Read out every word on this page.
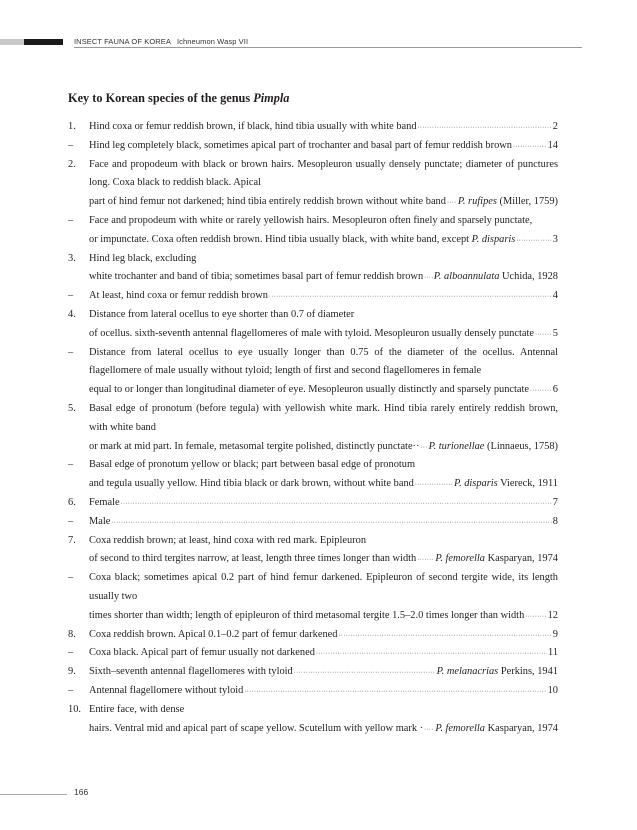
INSECT FAUNA OF KOREA Ichneumon Wasp VII
Key to Korean species of the genus Pimpla
1.	Hind coxa or femur reddish brown, if black, hind tibia usually with white band ·····	2
–	Hind leg completely black, sometimes apical part of trochanter and basal part of femur reddish brown ·····	14
2.	Face and propodeum with black or brown hairs. Mesopleuron usually densely punctate; diameter of punctures long. Coxa black to reddish black. Apical

part of hind femur not darkened; hind tibia entirely reddish brown without white band ····· P. rufipes (Miller, 1759)
–	Face and propodeum with white or rarely yellowish hairs. Mesopleuron often finely and sparsely punctate,

or impunctate. Coxa often reddish brown. Hind tibia usually black, with white band, except P. disparis ·····	3
3.	Hind leg black, excluding

white trochanter and band of tibia; sometimes basal part of femur reddish brown ····· P. alboannulata Uchida, 1928
–	At least, hind coxa or femur reddish brown ·····	4
4.	Distance from lateral ocellus to eye shorter than 0.7 of diameter

of ocellus. sixth-seventh antennal flagellomeres of male with tyloid. Mesopleuron usually densely punctate ····· 5
–	Distance from lateral ocellus to eye usually longer than 0.75 of the diameter of the ocellus. Antennal flagellomere of male usually without tyloid; length of first and second flagellomeres in female

equal to or longer than longitudinal diameter of eye. Mesopleuron usually distinctly and sparsely punctate ····· 6
5.	Basal edge of pronotum (before tegula) with yellowish white mark. Hind tibia rarely entirely reddish brown, with white band

or mark at mid part. In female, metasomal tergite polished, distinctly punctate·· ····· P. turionellae (Linnaeus, 1758)
–	Basal edge of pronotum yellow or black; part between basal edge of pronotum

and tegula usually yellow. Hind tibia black or dark brown, without white band ·····	P. disparis Viereck, 1911
6.	Female ·····	7
–	Male ·····	8
7.	Coxa reddish brown; at least, hind coxa with red mark. Epipleuron

of second to third tergites narrow, at least, length three times longer than width ····· P. femorella Kasparyan, 1974
–	Coxa black; sometimes apical 0.2 part of hind femur darkened. Epipleuron of second tergite wide, its length usually two

times shorter than width; length of epipleuron of third metasomal tergite 1.5–2.0 times longer than width ····· 12
8.	Coxa reddish brown. Apical 0.1–0.2 part of femur darkened ·····	9
–	Coxa black. Apical part of femur usually not darkened ·····	11
9.	Sixth–seventh antennal flagellomeres with tyloid ·····	P. melanacrias Perkins, 1941
–	Antennal flagellomere without tyloid ·····	10
10. Entire face, with dense

hairs. Ventral mid and apical part of scape yellow. Scutellum with yellow mark · ····· P. femorella Kasparyan, 1974
166
